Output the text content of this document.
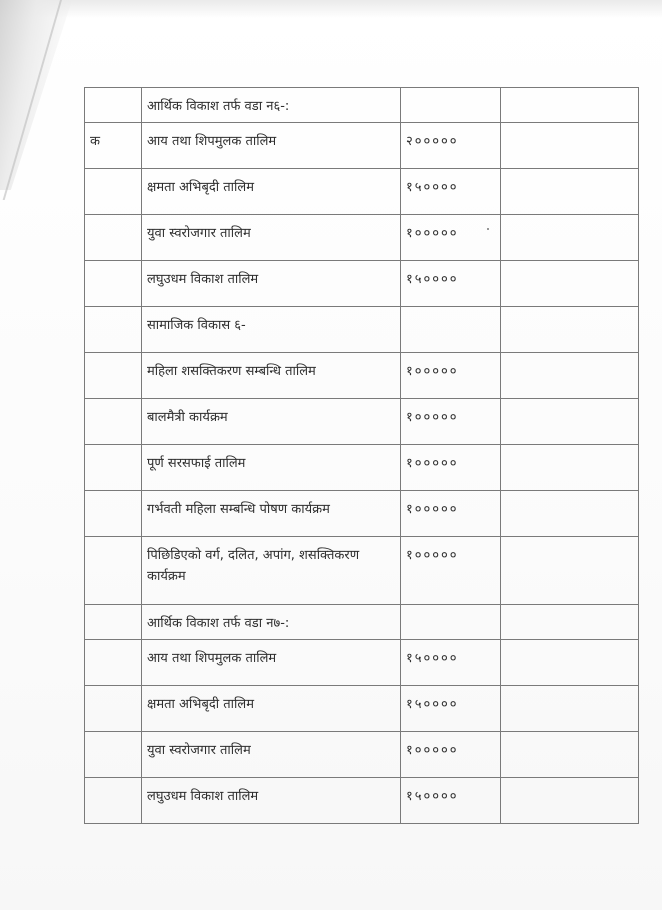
	आर्थिक विकाश तर्फ वडा न६-:		
क	आय तथा शिपमुलक तालिम	२०००००	
	क्षमता अभिबृदी तालिम	१५००००	
	युवा स्वरोजगार तालिम	१०००००	
	लघुउधम विकाश तालिम	१५००००	
	सामाजिक विकास ६-		
	महिला शसक्तिकरण सम्बन्धि तालिम	१०००००	
	बालमैत्री कार्यक्रम	१०००००	
	पूर्ण सरसफाई तालिम	१०००००	
	गर्भवती महिला सम्बन्धि पोषण कार्यक्रम	१०००००	
	पिछिडिएको वर्ग, दलित, अपांग, शसक्तिकरण कार्यक्रम	१०००००	
	आर्थिक विकाश तर्फ वडा न७-:		
	आय तथा शिपमुलक तालिम	१५००००	
	क्षमता अभिबृदी तालिम	१५००००	
	युवा स्वरोजगार तालिम	१०००००	
	लघुउधम विकाश तालिम	१५००००	
